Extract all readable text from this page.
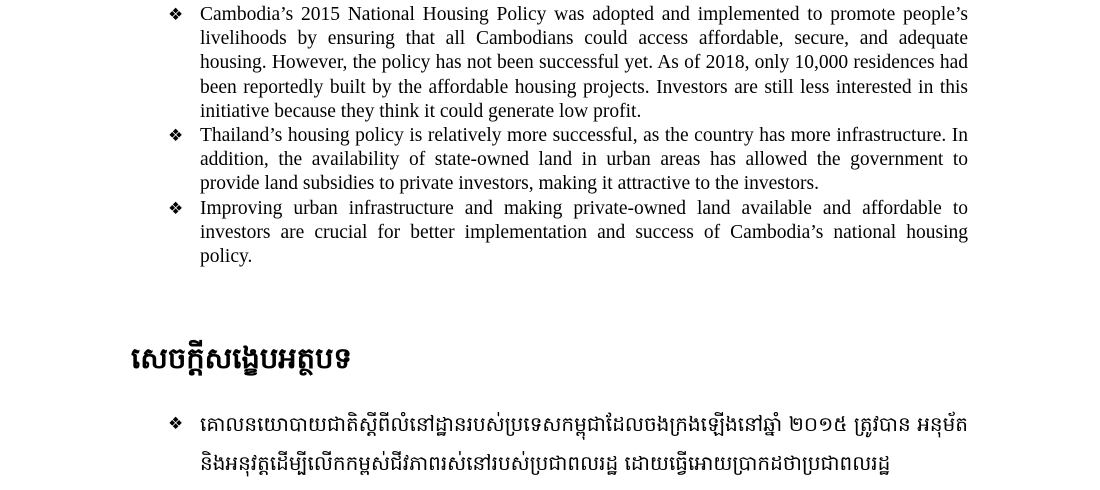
❖ Cambodia’s 2015 National Housing Policy was adopted and implemented to promote people’s livelihoods by ensuring that all Cambodians could access affordable, secure, and adequate housing. However, the policy has not been successful yet. As of 2018, only 10,000 residences had been reportedly built by the affordable housing projects. Investors are still less interested in this initiative because they think it could generate low profit.
❖ Thailand’s housing policy is relatively more successful, as the country has more infrastructure. In addition, the availability of state-owned land in urban areas has allowed the government to provide land subsidies to private investors, making it attractive to the investors.
❖ Improving urban infrastructure and making private-owned land available and affordable to investors are crucial for better implementation and success of Cambodia’s national housing policy.
សេចក្តីសង្ខេបអត្ថបទ
❖ គោលនយោបាយជាតិស្តីពីលំនៅដ្ឋានរបស់ប្រទេសកម្ពុជាដែលចងក្រងឡើងនៅឆ្នាំ ២០១៥ ត្រូវបាន អនុម័ត និងអនុវត្តដើម្បីលើកកម្ពស់ជីវភាពរស់នៅរបស់ប្រជាពលរដ្ឋ ដោយធ្វើអោយប្រាកដថាប្រជាពលរដ្ឋ
